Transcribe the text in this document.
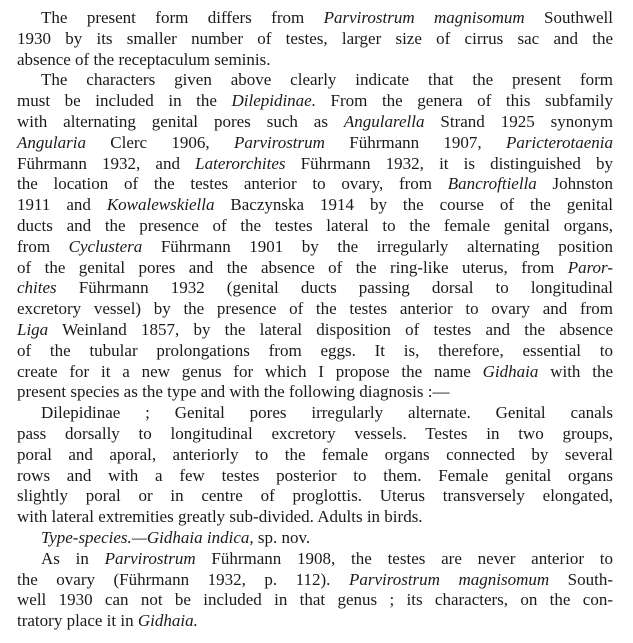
The present form differs from Parvirostrum magnisomum Southwell
1930 by its smaller number of testes, larger size of cirrus sac and the
absence of the receptaculum seminis.
The characters given above clearly indicate that the present form
must be included in the Dilepidinae. From the genera of this subfamily
with alternating genital pores such as Angularella Strand 1925 synonym
Angularia Clerc 1906, Parvirostrum Führmann 1907, Paricterotaenia
Führmann 1932, and Laterorchites Führmann 1932, it is distinguished by
the location of the testes anterior to ovary, from Bancroftiella Johnston
1911 and Kowalewskiella Baczynska 1914 by the course of the genital
ducts and the presence of the testes lateral to the female genital organs,
from Cyclustera Führmann 1901 by the irregularly alternating position
of the genital pores and the absence of the ring-like uterus, from Paror-
chites Führmann 1932 (genital ducts passing dorsal to longitudinal
excretory vessel) by the presence of the testes anterior to ovary and from
Liga Weinland 1857, by the lateral disposition of testes and the absence
of the tubular prolongations from eggs. It is, therefore, essential to
create for it a new genus for which I propose the name Gidhaia with the
present species as the type and with the following diagnosis :—
Dilepidinae ; Genital pores irregularly alternate. Genital canals
pass dorsally to longitudinal excretory vessels. Testes in two groups,
poral and aporal, anteriorly to the female organs connected by several
rows and with a few testes posterior to them. Female genital organs
slightly poral or in centre of proglottis. Uterus transversely elongated,
with lateral extremities greatly sub-divided. Adults in birds.
Type-species.—Gidhaia indica, sp. nov.
As in Parvirostrum Führmann 1908, the testes are never anterior to
the ovary (Führmann 1932, p. 112). Parvirostrum magnisomum South-
well 1930 can not be included in that genus ; its characters, on the con-
tratory place it in Gidhaia.
